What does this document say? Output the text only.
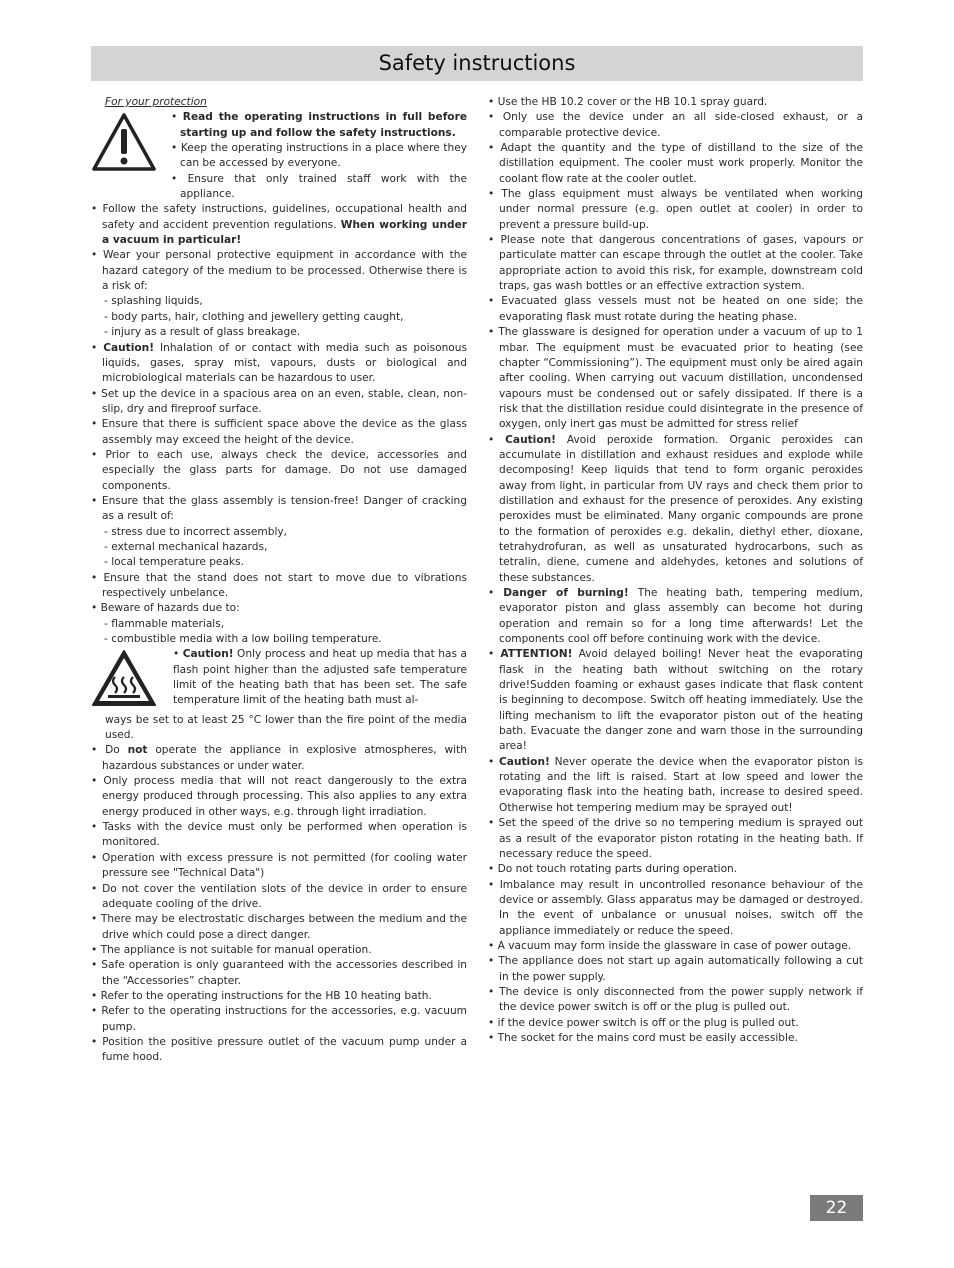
Safety instructions
For your protection
• Read the operating instructions in full before starting up and follow the safety instructions.
• Keep the operating instructions in a place where they can be accessed by everyone.
• Ensure that only trained staff work with the appliance.
• Follow the safety instructions, guidelines, occupational health and safety and accident prevention regulations. When working under a vacuum in particular!
• Wear your personal protective equipment in accordance with the hazard category of the medium to be processed. Otherwise there is a risk of:
- splashing liquids,
- body parts, hair, clothing and jewellery getting caught,
- injury as a result of glass breakage.
• Caution! Inhalation of or contact with media such as poisonous liquids, gases, spray mist, vapours, dusts or biological and microbiological materials can be hazardous to user.
• Set up the device in a spacious area on an even, stable, clean, non-slip, dry and fireproof surface.
• Ensure that there is sufficient space above the device as the glass assembly may exceed the height of the device.
• Prior to each use, always check the device, accessories and especially the glass parts for damage. Do not use damaged components.
• Ensure that the glass assembly is tension-free! Danger of cracking as a result of:
- stress due to incorrect assembly,
- external mechanical hazards,
- local temperature peaks.
• Ensure that the stand does not start to move due to vibrations respectively unbelance.
• Beware of hazards due to:
- flammable materials,
- combustible media with a low boiling temperature.
• Caution! Only process and heat up media that has a flash point higher than the adjusted safe temperature limit of the heating bath that has been set. The safe temperature limit of the heating bath must al-
ways be set to at least 25 °C lower than the fire point of the media used.
• Do not operate the appliance in explosive atmospheres, with hazardous substances or under water.
• Only process media that will not react dangerously to the extra energy produced through processing. This also applies to any extra energy produced in other ways, e.g. through light irradiation.
• Tasks with the device must only be performed when operation is monitored.
• Operation with excess pressure is not permitted (for cooling water pressure see "Technical Data")
• Do not cover the ventilation slots of the device in order to ensure adequate cooling of the drive.
• There may be electrostatic discharges between the medium and the drive which could pose a direct danger.
• The appliance is not suitable for manual operation.
• Safe operation is only guaranteed with the accessories described in the “Accessories” chapter.
• Refer to the operating instructions for the HB 10 heating bath.
• Refer to the operating instructions for the accessories, e.g. vacuum pump.
• Position the positive pressure outlet of the vacuum pump under a fume hood.
• Use the HB 10.2 cover or the HB 10.1 spray guard.
• Only use the device under an all side-closed exhaust, or a comparable protective device.
• Adapt the quantity and the type of distilland to the size of the distillation equipment. The cooler must work properly. Monitor the coolant flow rate at the cooler outlet.
• The glass equipment must always be ventilated when working under normal pressure (e.g. open outlet at cooler) in order to prevent a pressure build-up.
• Please note that dangerous concentrations of gases, vapours or particulate matter can escape through the outlet at the cooler. Take appropriate action to avoid this risk, for example, downstream cold traps, gas wash bottles or an effective extraction system.
• Evacuated glass vessels must not be heated on one side; the evaporating flask must rotate during the heating phase.
• The glassware is designed for operation under a vacuum of up to 1 mbar. The equipment must be evacuated prior to heating (see chapter “Commissioning”). The equipment must only be aired again after cooling. When carrying out vacuum distillation, uncondensed vapours must be condensed out or safely dissipated. If there is a risk that the distillation residue could disintegrate in the presence of oxygen, only inert gas must be admitted for stress relief
• Caution! Avoid peroxide formation. Organic peroxides can accumulate in distillation and exhaust residues and explode while decomposing! Keep liquids that tend to form organic peroxides away from light, in particular from UV rays and check them prior to distillation and exhaust for the presence of peroxides. Any existing peroxides must be eliminated. Many organic compounds are prone to the formation of peroxides e.g. dekalin, diethyl ether, dioxane, tetrahydrofuran, as well as unsaturated hydrocarbons, such as tetralin, diene, cumene and aldehydes, ketones and solutions of these substances.
• Danger of burning! The heating bath, tempering medium, evaporator piston and glass assembly can become hot during operation and remain so for a long time afterwards! Let the components cool off before continuing work with the device.
• ATTENTION! Avoid delayed boiling! Never heat the evaporating flask in the heating bath without switching on the rotary drive!Sudden foaming or exhaust gases indicate that flask content is beginning to decompose. Switch off heating immediately. Use the lifting mechanism to lift the evaporator piston out of the heating bath. Evacuate the danger zone and warn those in the surrounding area!
• Caution! Never operate the device when the evaporator piston is rotating and the lift is raised. Start at low speed and lower the evaporating flask into the heating bath, increase to desired speed. Otherwise hot tempering medium may be sprayed out!
• Set the speed of the drive so no tempering medium is sprayed out as a result of the evaporator piston rotating in the heating bath. If necessary reduce the speed.
• Do not touch rotating parts during operation.
• Imbalance may result in uncontrolled resonance behaviour of the device or assembly. Glass apparatus may be damaged or destroyed. In the event of unbalance or unusual noises, switch off the appliance immediately or reduce the speed.
• A vacuum may form inside the glassware in case of power outage.
• The appliance does not start up again automatically following a cut in the power supply.
• The device is only disconnected from the power supply network if the device power switch is off or the plug is pulled out.
• if the device power switch is off or the plug is pulled out.
• The socket for the mains cord must be easily accessible.
22
